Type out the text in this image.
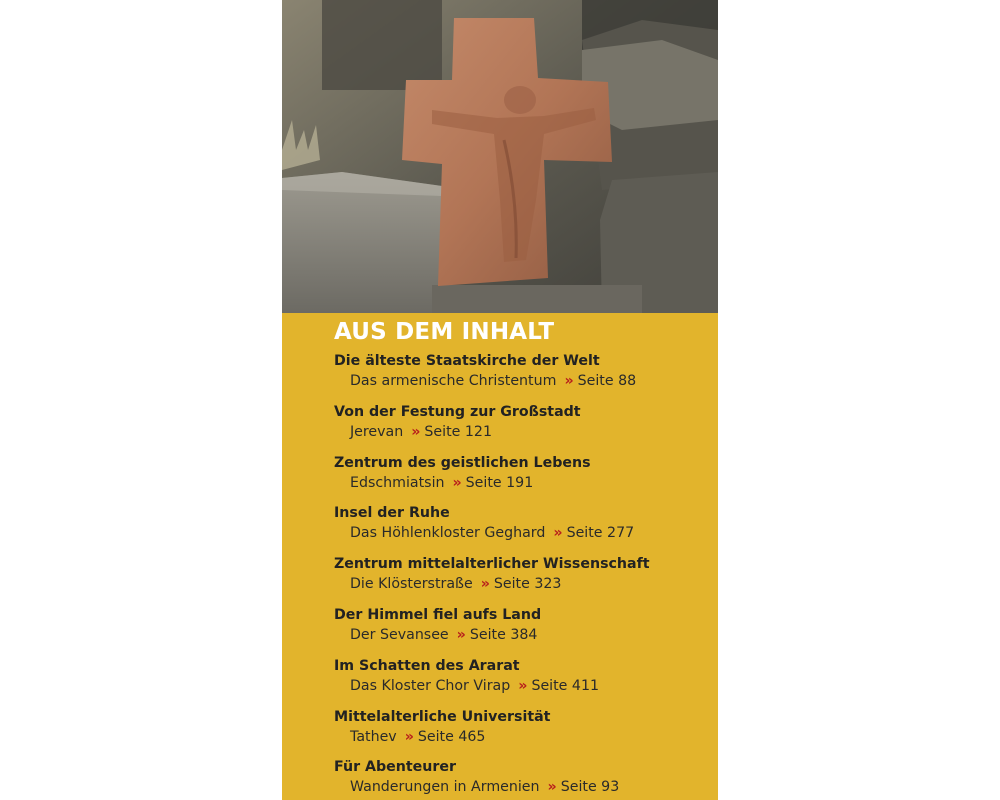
AUS DEM INHALT
Die älteste Staatskirche der Welt
Das armenische Christentum » Seite 88
Von der Festung zur Großstadt
Jerevan » Seite 121
Zentrum des geistlichen Lebens
Edschmiatsin » Seite 191
Insel der Ruhe
Das Höhlenkloster Geghard » Seite 277
Zentrum mittelalterlicher Wissenschaft
Die Klösterstraße » Seite 323
Der Himmel fiel aufs Land
Der Sevansee » Seite 384
Im Schatten des Ararat
Das Kloster Chor Virap » Seite 411
Mittelalterliche Universität
Tathev » Seite 465
Für Abenteurer
Wanderungen in Armenien » Seite 93
